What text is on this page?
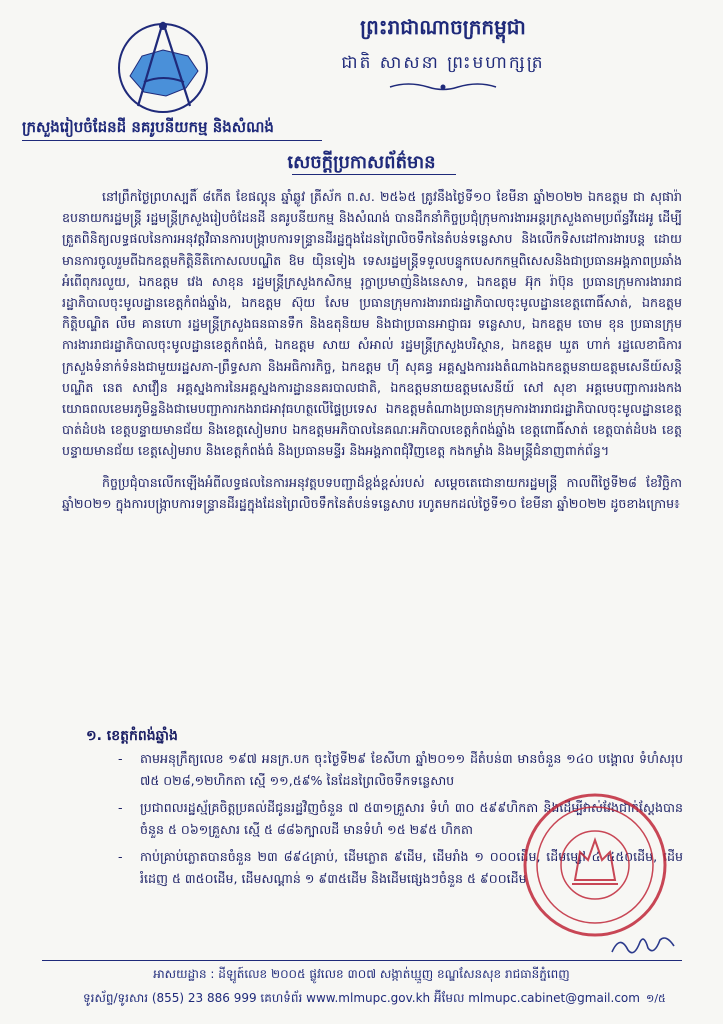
ព្រះរាជាណាចក្រកម្ពុជា
ជាតិ សាសនា ព្រះមហាក្សត្រ
ក្រសួងរៀបចំដែនដី នគរូបនីយកម្ម និងសំណង់
សេចក្តីប្រកាសព័ត៌មាន

នៅព្រឹកថ្ងៃព្រហស្បតិ៍ ៨កើត ខែផល្គុន ឆ្នាំឆ្លូវ ត្រីស័ក ព.ស. ២៥៦៥ ត្រូវនឹងថ្ងៃទី១០ ខែមីនា ឆ្នាំ២០២២ ឯកឧត្តម ជា សុផារ៉ា ឧបនាយករដ្ឋមន្ត្រី រដ្ឋមន្ត្រីក្រសួងរៀបចំដែនដី នគរូបនីយកម្ម និងសំណង់ បានដឹកនាំកិច្ចប្រជុំក្រុមការងារអន្តរក្រសួងតាមប្រព័ន្ធវីដេអូ ដើម្បីត្រួតពិនិត្យលទ្ធផលនៃការអនុវត្តវិធានការបង្ក្រាបការទន្ទ្រានដីរដ្ឋក្នុងដែនព្រៃលិចទឹកនៃតំបន់ទន្លេសាប និងលើកទិសដៅការងារបន្ត ដោយមានការចូលរួមពីឯកឧត្តមកិត្តិនីតិកោសលបណ្ឌិត ឱម យ៉ិនទៀង ទេសរដ្ឋមន្ត្រីទទួលបន្ទុកបេសកកម្មពិសេសនិងជាប្រធានអង្គភាពប្រឆាំងអំពើពុករលួយ, ឯកឧត្តម វេង សាខុន រដ្ឋមន្ត្រីក្រសួងកសិកម្ម រុក្ខាប្រមាញ់និងនេសាទ, ឯកឧត្តម អ៊ុក រ៉ាប៊ុន ប្រធានក្រុមការងាររាជរដ្ឋាភិបាលចុះមូលដ្ឋានខេត្តកំពង់ឆ្នាំង, ឯកឧត្តម ស៊ុយ សែម ប្រធានក្រុមការងាររាជរដ្ឋាភិបាលចុះមូលដ្ឋានខេត្តពោធិ៍សាត់, ឯកឧត្តមកិត្តិបណ្ឌិត លឹម គានហោ រដ្ឋមន្ត្រីក្រសួងធនធានទឹក និងឧតុនិយម និងជាប្រធានអាជ្ញាធរ ទន្លេសាប, ឯកឧត្តម ចោម ខុន ប្រធានក្រុមការងាររាជរដ្ឋាភិបាលចុះមូលដ្ឋានខេត្តកំពង់ធំ, ឯកឧត្តម សាយ សំអាល់ រដ្ឋមន្ត្រីក្រសួងបរិស្ថាន, ឯកឧត្តម ឃួត ហាក់ រដ្ឋលេខាធិការក្រសួងទំនាក់ទំនងជាមួយរដ្ឋសភា-ព្រឹទ្ធសភា និងអធិការកិច្ច, ឯកឧត្តម ហ៊ី សុគន្ធ អគ្គស្នងការរងតំណាងឯកឧត្តមនាយឧត្តមសេនីយ៍សន្តិបណ្ឌិត នេត សាវឿន អគ្គស្នងការនៃអគ្គស្នងការដ្ឋាននគរបាលជាតិ, ឯកឧត្តមនាយឧត្តមសេនីយ៍ សៅ សុខា អគ្គមេបញ្ជាការរងកងយោធពលខេមរភូមិន្ទនិងជាមេបញ្ជាការកងរាជអាវុធហត្ថលើផ្ទៃប្រទេស ឯកឧត្តមតំណាងប្រធានក្រុមការងាររាជរដ្ឋាភិបាលចុះមូលដ្ឋានខេត្តបាត់ដំបង ខេត្តបន្ទាយមានជ័យ និងខេត្តសៀមរាប ឯកឧត្តមអភិបាលនៃគណៈអភិបាលខេត្តកំពង់ឆ្នាំង ខេត្តពោធិ៍សាត់ ខេត្តបាត់ដំបង ខេត្តបន្ទាយមានជ័យ ខេត្តសៀមរាប និងខេត្តកំពង់ធំ និងប្រធានមន្ទីរ និងអង្គភាពជុំវិញខេត្ត កងកម្លាំង និងមន្ត្រីជំនាញពាក់ព័ន្ធ។

កិច្ចប្រជុំបានលើកឡើងអំពីលទ្ធផលនៃការអនុវត្តបទបញ្ជាដ៏ខ្ពង់ខ្ពស់របស់ សម្តេចតេជោនាយករដ្ឋមន្ត្រី កាលពីថ្ងៃទី២៨ ខែវិច្ឆិកា ឆ្នាំ២០២១ ក្នុងការបង្ក្រាបការទន្ទ្រានដីរដ្ឋក្នុងដែនព្រៃលិចទឹកនៃតំបន់ទន្លេសាប រហូតមកដល់ថ្ងៃទី១០ ខែមីនា ឆ្នាំ២០២២ ដូចខាងក្រោម៖

១. ខេត្តកំពង់ឆ្នាំង
- តាមអនុក្រឹត្យលេខ ១៩៧ អនក្រ.បក ចុះថ្ងៃទី២៩ ខែសីហា ឆ្នាំ២០១១ ដីតំបន់៣ មានចំនួន ១៤០ បង្គោល ទំហំសរុប ៧៥ ០២៨,១២ហិកតា ស្មើ ១១,៥៩% នៃដែនព្រៃលិចទឹកទន្លេសាប
- ប្រជាពលរដ្ឋស្ម័គ្រចិត្តប្រគល់ដីជូនរដ្ឋវិញចំនួន ៧ ៥៣១គ្រួសារ ទំហំ ៣០ ៥៩៩ហិកតា និងដើម្បីវាស់វែងជាក់ស្តែងបានចំនួន ៥ ០៦១គ្រួសារ ស្មើ ៥ ៨៨៦ក្បាលដី មានទំហំ ១៥ ២៩៥ ហិកតា
- កាប់គ្រាប់ភ្លោតបានចំនួន ២៣ ៨៩៤គ្រាប់, ដើមភ្លោត ៩ដើម, ដើមរាំង ១ ០០០ដើម, ដើមម្សៅ ៤ ៤៥០ដើម, ដើមរំដេញ ៥ ៣៥០ដើម, ដើមសណ្តាន់ ១ ៩៣៥ដើម និងដើមផ្សេងៗចំនួន ៥ ៩០០ដើម
អាសយដ្ឋាន : ដីឡូត៍លេខ ២០០៥ ផ្លូវលេខ ៣០៧ សង្កាត់ឃ្មួញ ខណ្ឌសែនសុខ រាជធានីភ្នំពេញ
ទូរស័ព្ទ/ទូរសារ (855) 23 886 999 គេហទំព័រ www.mlmupc.gov.kh អ៊ីមែល mlmupc.cabinet@gmail.com ១/៥
